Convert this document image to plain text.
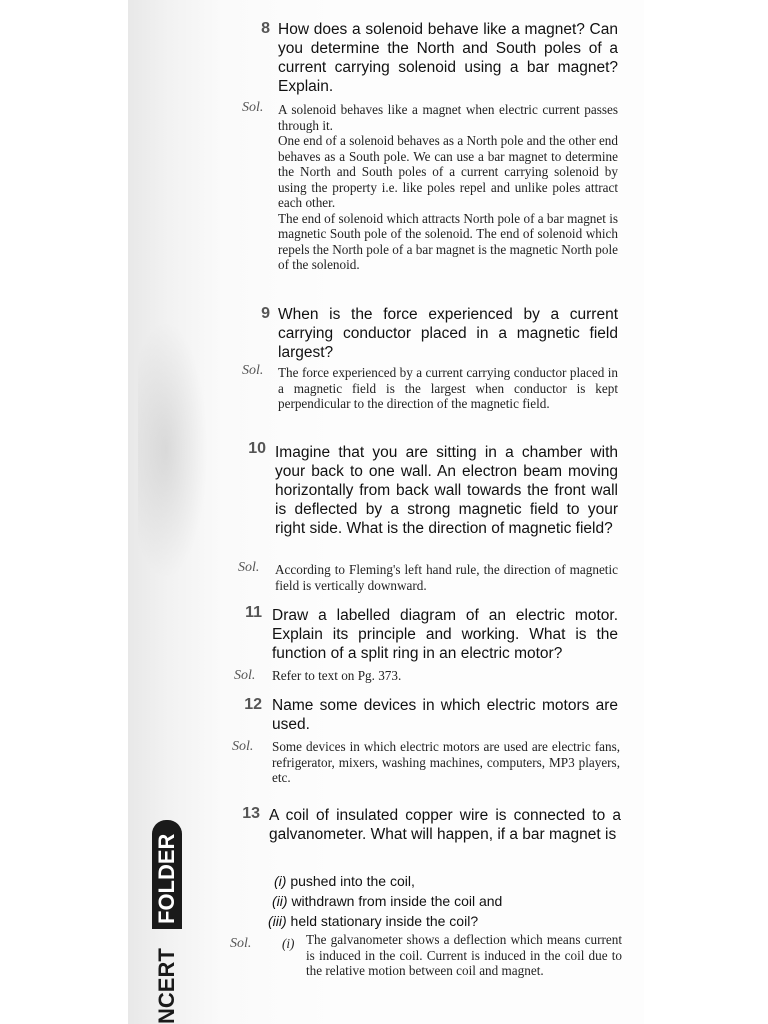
8 How does a solenoid behave like a magnet? Can you determine the North and South poles of a current carrying solenoid using a bar magnet? Explain.
Sol. A solenoid behaves like a magnet when electric current passes through it.

One end of a solenoid behaves as a North pole and the other end behaves as a South pole. We can use a bar magnet to determine the North and South poles of a current carrying solenoid by using the property i.e. like poles repel and unlike poles attract each other.

The end of solenoid which attracts North pole of a bar magnet is magnetic South pole of the solenoid. The end of solenoid which repels the North pole of a bar magnet is the magnetic North pole of the solenoid.

9 When is the force experienced by a current carrying conductor placed in a magnetic field largest?
Sol. The force experienced by a current carrying conductor placed in a magnetic field is the largest when conductor is kept perpendicular to the direction of the magnetic field.

10 Imagine that you are sitting in a chamber with your back to one wall. An electron beam moving horizontally from back wall towards the front wall is deflected by a strong magnetic field to your right side. What is the direction of magnetic field?
Sol. According to Fleming's left hand rule, the direction of magnetic field is vertically downward.

11 Draw a labelled diagram of an electric motor. Explain its principle and working. What is the function of a split ring in an electric motor?
Sol. Refer to text on Pg. 373.

12 Name some devices in which electric motors are used.
Sol. Some devices in which electric motors are used are electric fans, refrigerator, mixers, washing machines, computers, MP3 players, etc.

13 A coil of insulated copper wire is connected to a galvanometer. What will happen, if a bar magnet is
(i) pushed into the coil,
(ii) withdrawn from inside the coil and
(iii) held stationary inside the coil?
Sol. (i) The galvanometer shows a deflection which means current is induced in the coil. Current is induced in the coil due to the relative motion between coil and magnet.

FOLDER
NCERT
